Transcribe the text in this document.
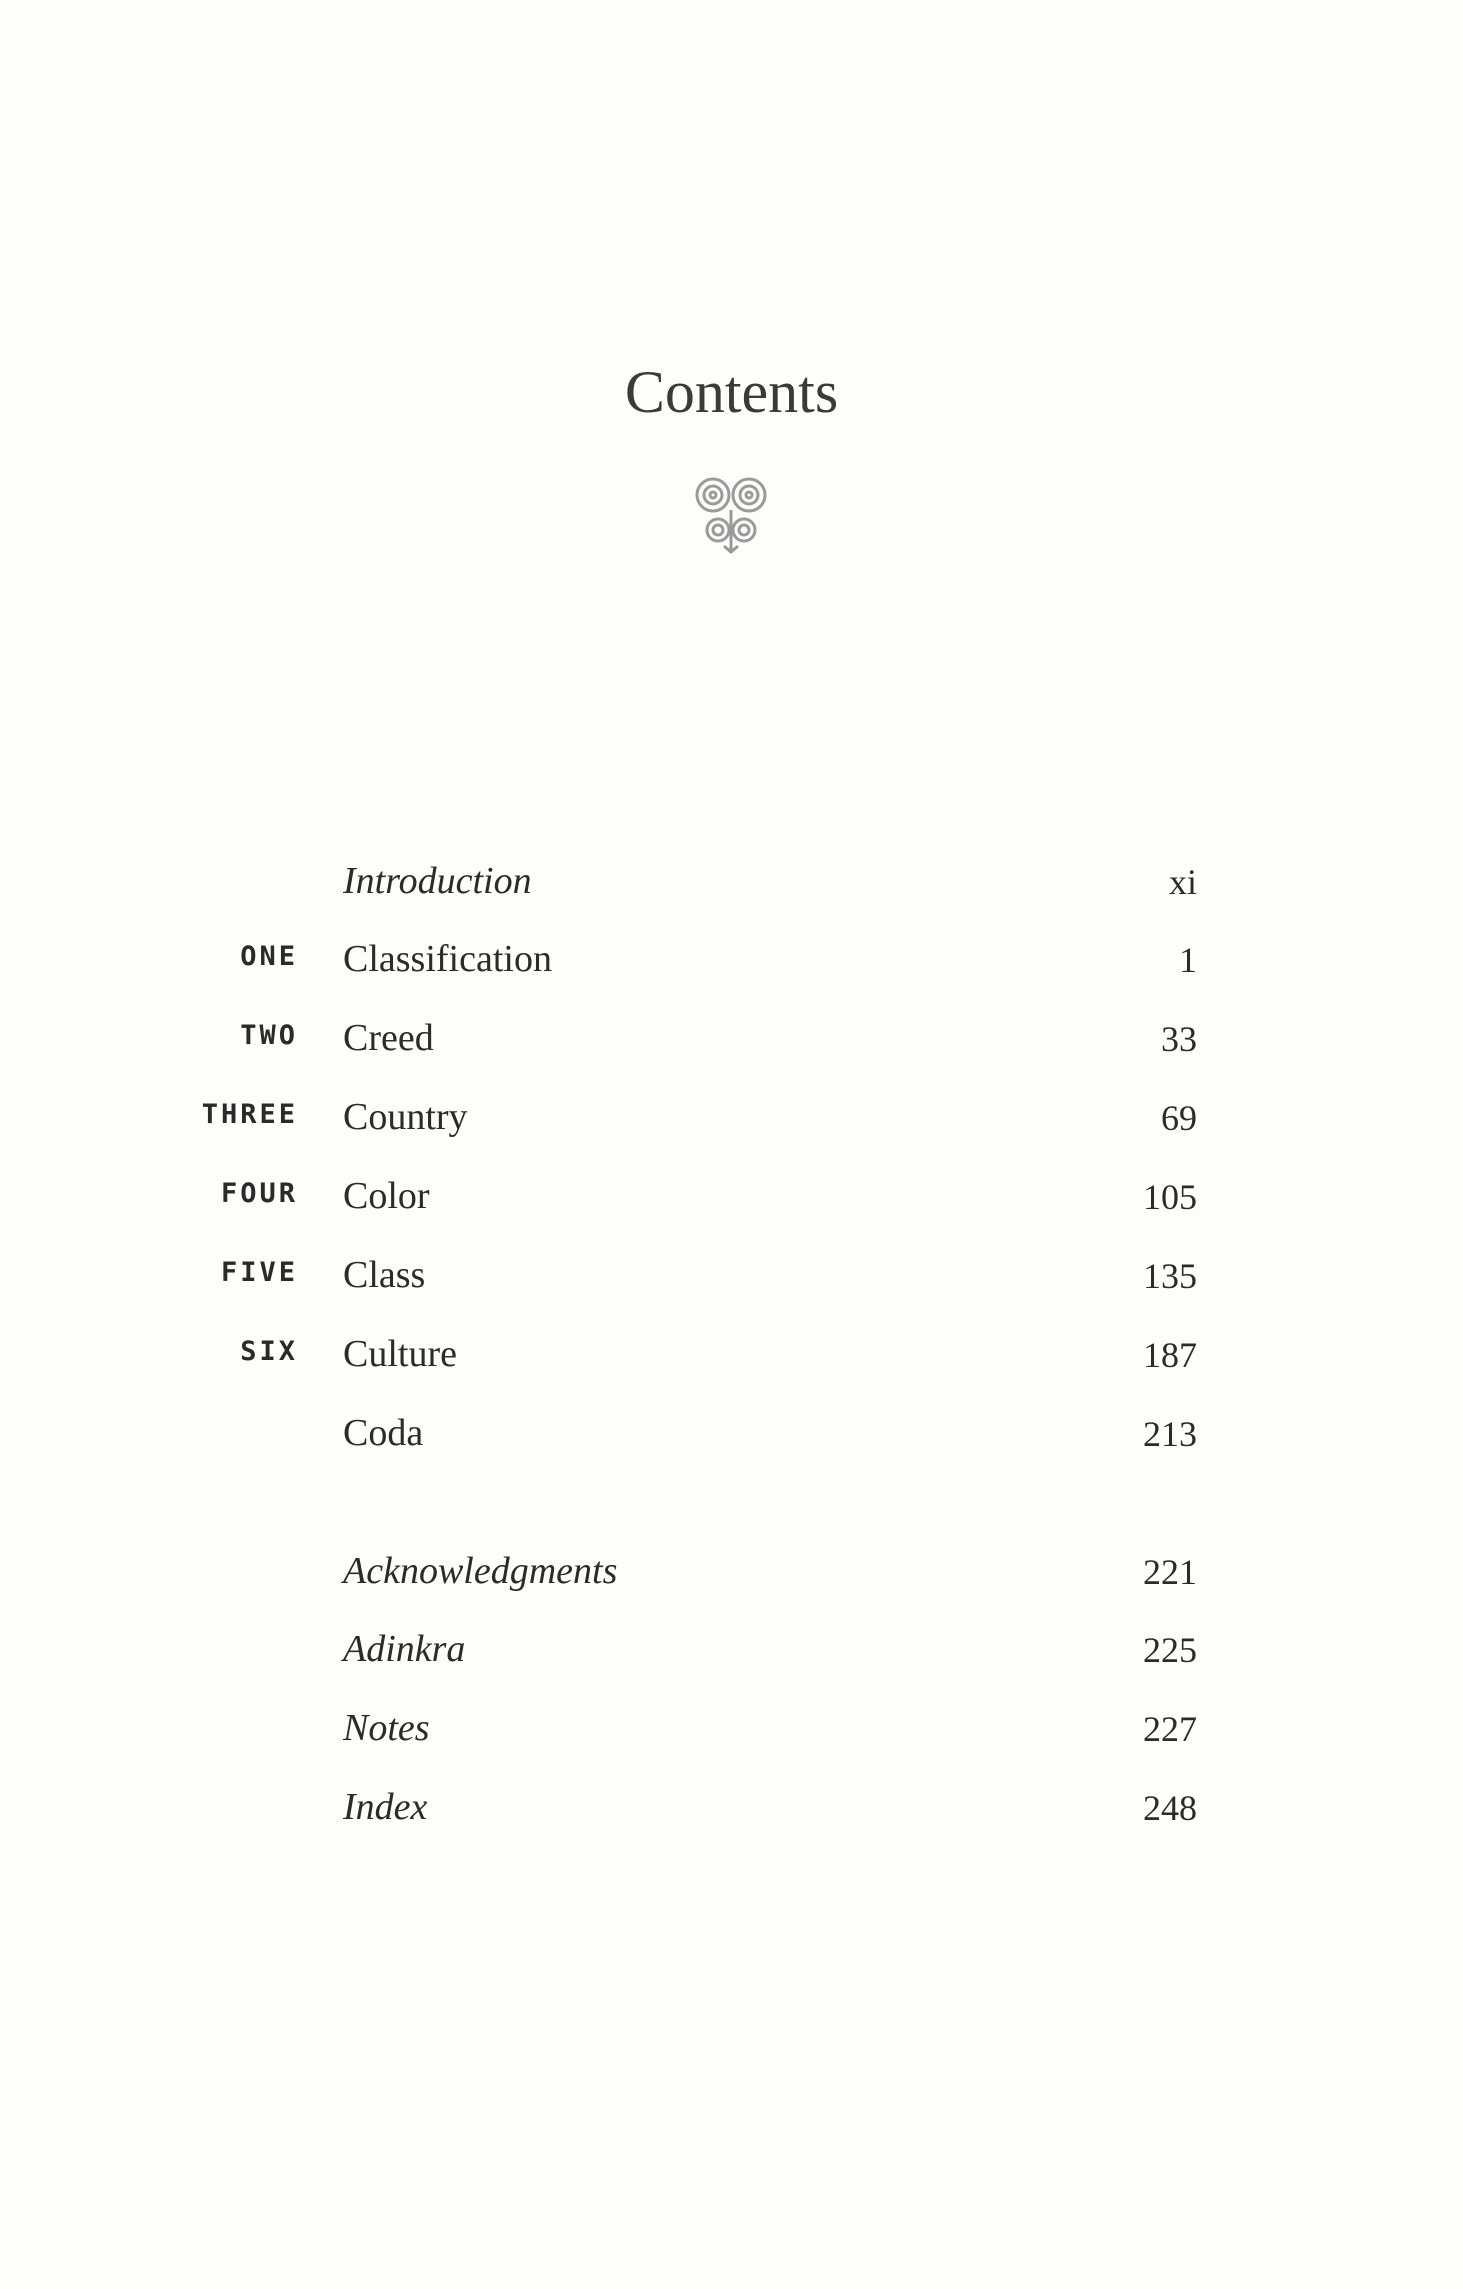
Contents
Introduction	xi
ONE Classification	1
TWO Creed	33
THREE Country	69
FOUR Color	105
FIVE Class	135
SIX Culture	187
Coda	213
Acknowledgments	221
Adinkra	225
Notes	227
Index	248
